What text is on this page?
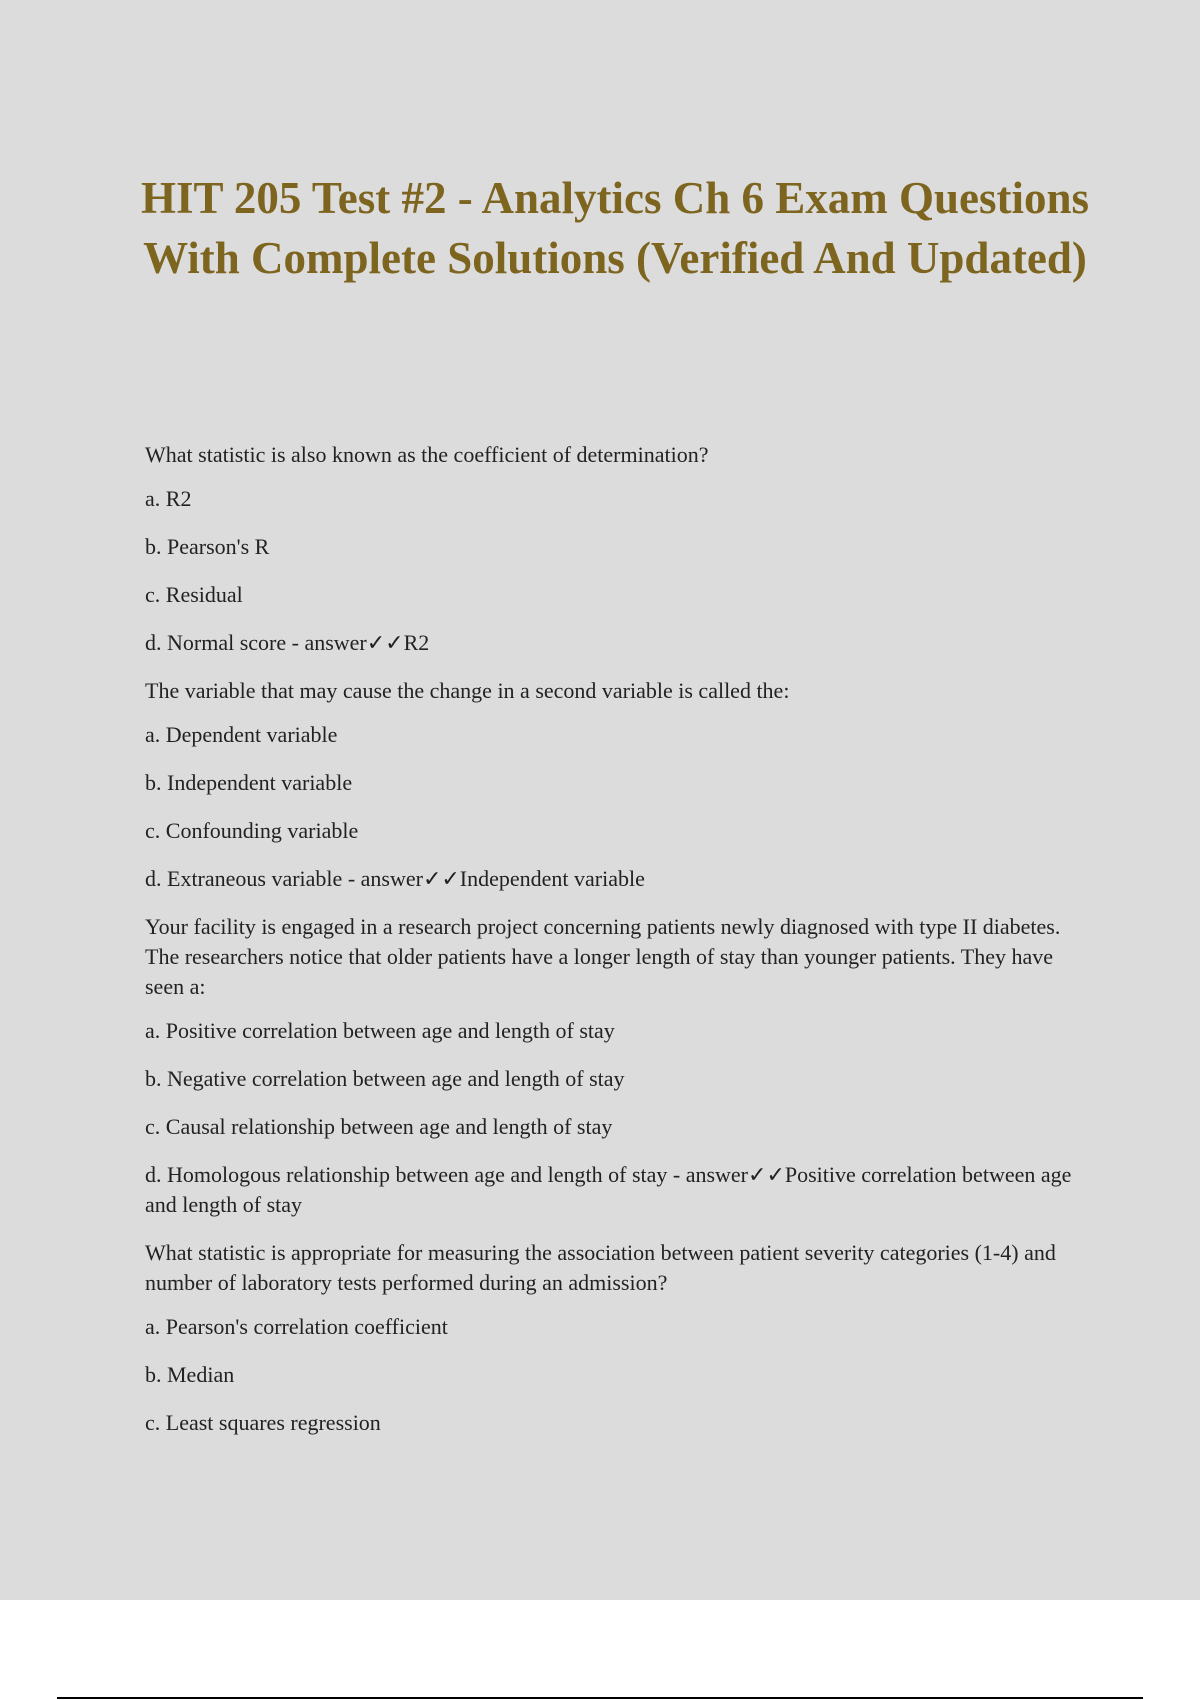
HIT 205 Test #2 - Analytics Ch 6 Exam Questions With Complete Solutions (Verified And Updated)

What statistic is also known as the coefficient of determination?

a. R2

b. Pearson's R

c. Residual

d. Normal score - answer✓✓R2

The variable that may cause the change in a second variable is called the:

a. Dependent variable

b. Independent variable

c. Confounding variable

d. Extraneous variable - answer✓✓Independent variable

Your facility is engaged in a research project concerning patients newly diagnosed with type II diabetes. The researchers notice that older patients have a longer length of stay than younger patients. They have seen a:

a. Positive correlation between age and length of stay

b. Negative correlation between age and length of stay

c. Causal relationship between age and length of stay

d. Homologous relationship between age and length of stay - answer✓✓Positive correlation between age and length of stay

What statistic is appropriate for measuring the association between patient severity categories (1-4) and number of laboratory tests performed during an admission?

a. Pearson's correlation coefficient

b. Median

c. Least squares regression
